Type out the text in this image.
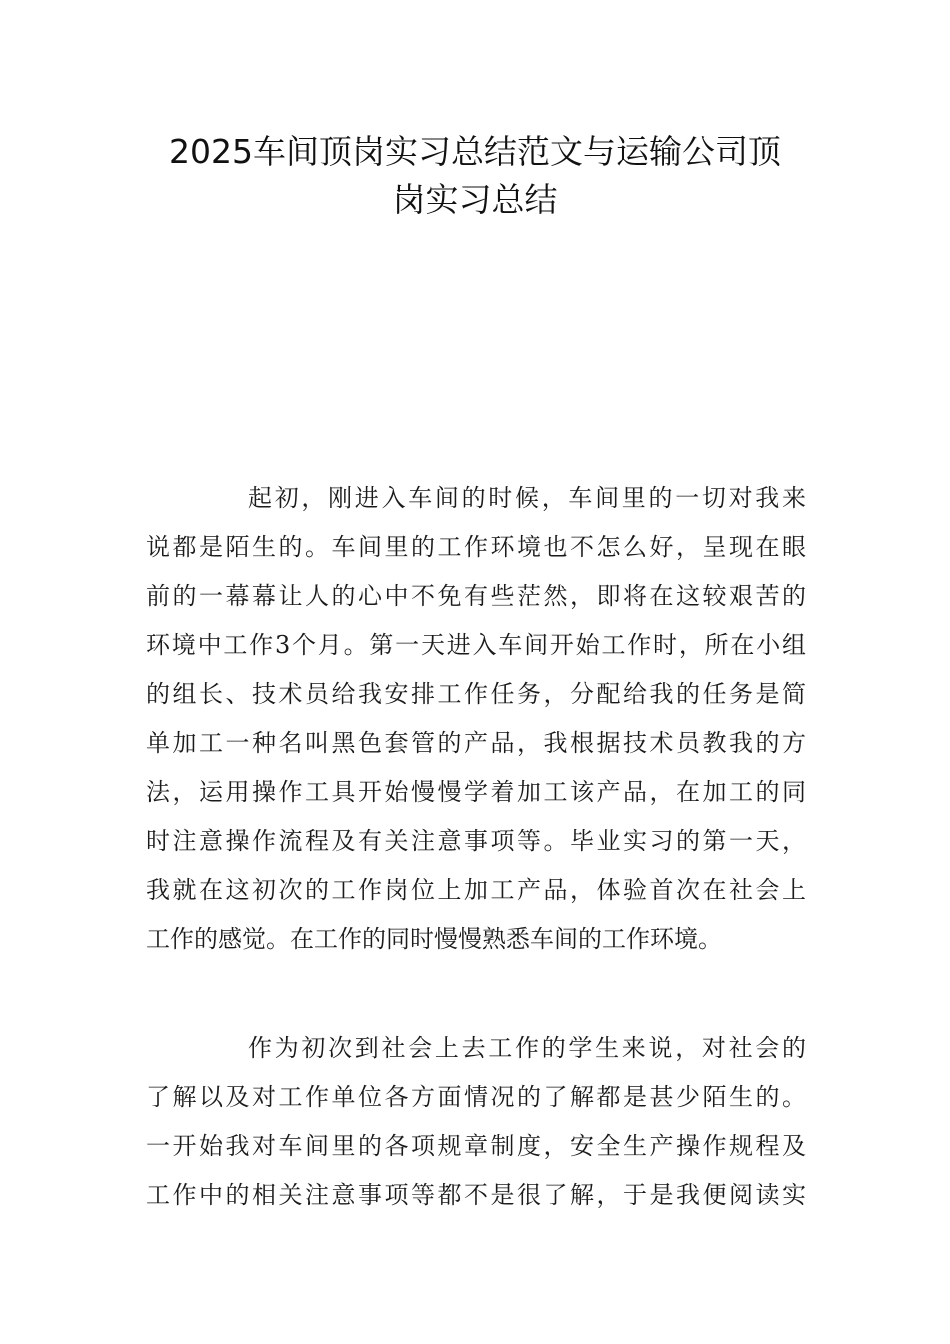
2025车间顶岗实习总结范文与运输公司顶
岗实习总结
起初，刚进入车间的时候，车间里的一切对我来
说都是陌生的。车间里的工作环境也不怎么好，呈现在眼
前的一幕幕让人的心中不免有些茫然，即将在这较艰苦的
环境中工作3个月。第一天进入车间开始工作时，所在小组
的组长、技术员给我安排工作任务，分配给我的任务是简
单加工一种名叫黑色套管的产品，我根据技术员教我的方
法，运用操作工具开始慢慢学着加工该产品，在加工的同
时注意操作流程及有关注意事项等。毕业实习的第一天，
我就在这初次的工作岗位上加工产品，体验首次在社会上
工作的感觉。在工作的同时慢慢熟悉车间的工作环境。
作为初次到社会上去工作的学生来说，对社会的
了解以及对工作单位各方面情况的了解都是甚少陌生的。
一开始我对车间里的各项规章制度，安全生产操作规程及
工作中的相关注意事项等都不是很了解，于是我便阅读实
